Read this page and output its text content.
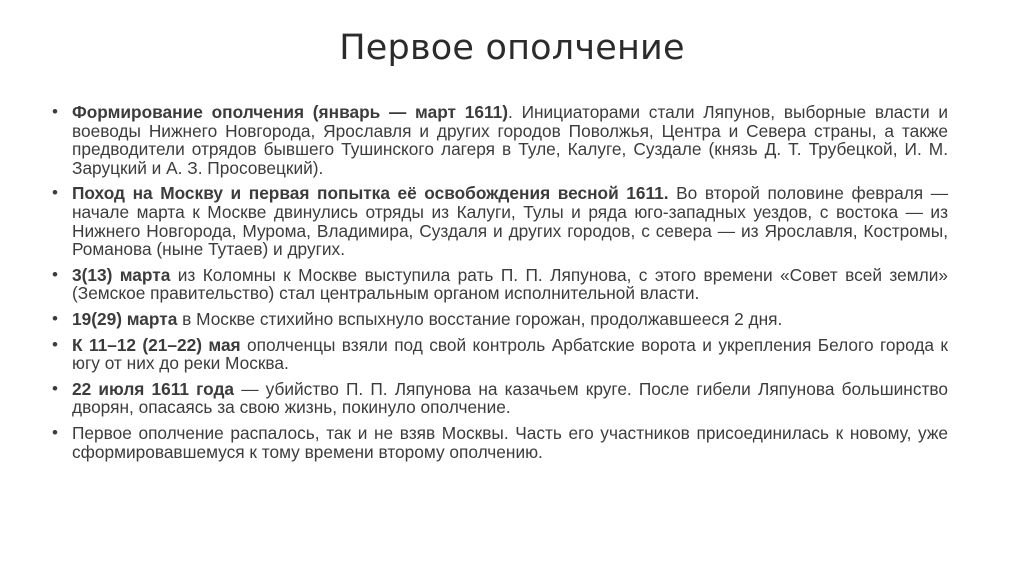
Первое ополчение
• Формирование ополчения (январь — март 1611). Инициаторами стали Ляпунов, выборные власти и воеводы Нижнего Новгорода, Ярославля и других городов Поволжья, Центра и Севера страны, а также предводители отрядов бывшего Тушинского лагеря в Туле, Калуге, Суздале (князь Д. Т. Трубецкой, И. М. Заруцкий и А. З. Просовецкий).
• Поход на Москву и первая попытка её освобождения весной 1611. Во второй половине февраля — начале марта к Москве двинулись отряды из Калуги, Тулы и ряда юго-западных уездов, с востока — из Нижнего Новгорода, Мурома, Владимира, Суздаля и других городов, с севера — из Ярославля, Костромы, Романова (ныне Тутаев) и других.
• 3(13) марта из Коломны к Москве выступила рать П. П. Ляпунова, с этого времени «Совет всей земли» (Земское правительство) стал центральным органом исполнительной власти.
• 19(29) марта в Москве стихийно вспыхнуло восстание горожан, продолжавшееся 2 дня.
• К 11–12 (21–22) мая ополченцы взяли под свой контроль Арбатские ворота и укрепления Белого города к югу от них до реки Москва.
• 22 июля 1611 года — убийство П. П. Ляпунова на казачьем круге. После гибели Ляпунова большинство дворян, опасаясь за свою жизнь, покинуло ополчение.
• Первое ополчение распалось, так и не взяв Москвы. Часть его участников присоединилась к новому, уже сформировавшемуся к тому времени второму ополчению.
